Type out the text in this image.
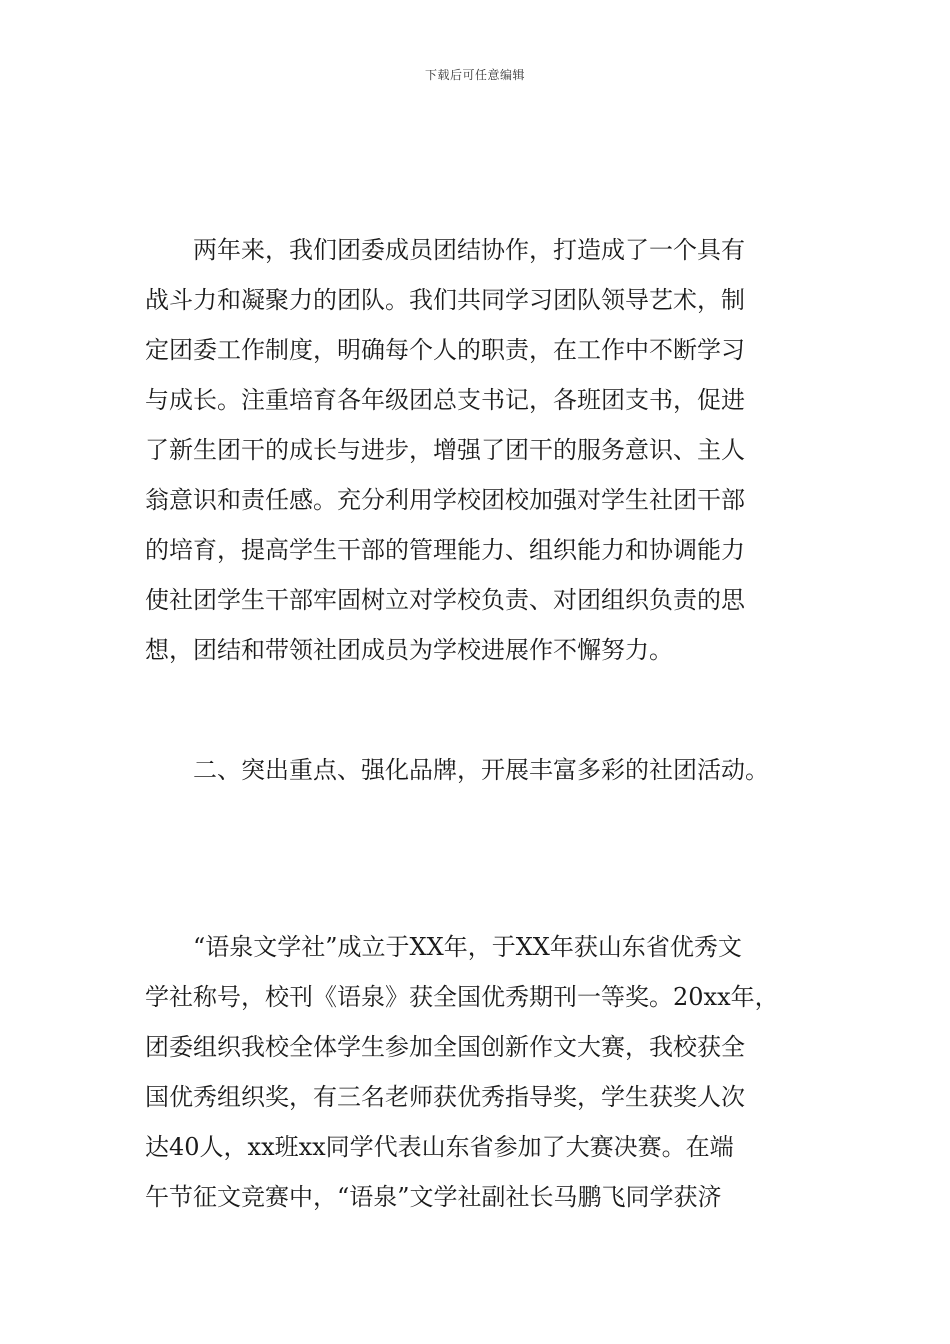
下载后可任意编辑
两年来，我们团委成员团结协作，打造成了一个具有
战斗力和凝聚力的团队。我们共同学习团队领导艺术，制
定团委工作制度，明确每个人的职责，在工作中不断学习
与成长。注重培育各年级团总支书记，各班团支书，促进
了新生团干的成长与进步，增强了团干的服务意识、主人
翁意识和责任感。充分利用学校团校加强对学生社团干部
的培育，提高学生干部的管理能力、组织能力和协调能力
使社团学生干部牢固树立对学校负责、对团组织负责的思
想，团结和带领社团成员为学校进展作不懈努力。
二、突出重点、强化品牌，开展丰富多彩的社团活动。
“语泉文学社”成立于XX年，于XX年获山东省优秀文
学社称号，校刊《语泉》获全国优秀期刊一等奖。20xx年，
团委组织我校全体学生参加全国创新作文大赛，我校获全
国优秀组织奖，有三名老师获优秀指导奖，学生获奖人次
达40人，xx班xx同学代表山东省参加了大赛决赛。在端
午节征文竞赛中，“语泉”文学社副社长马鹏飞同学获济
